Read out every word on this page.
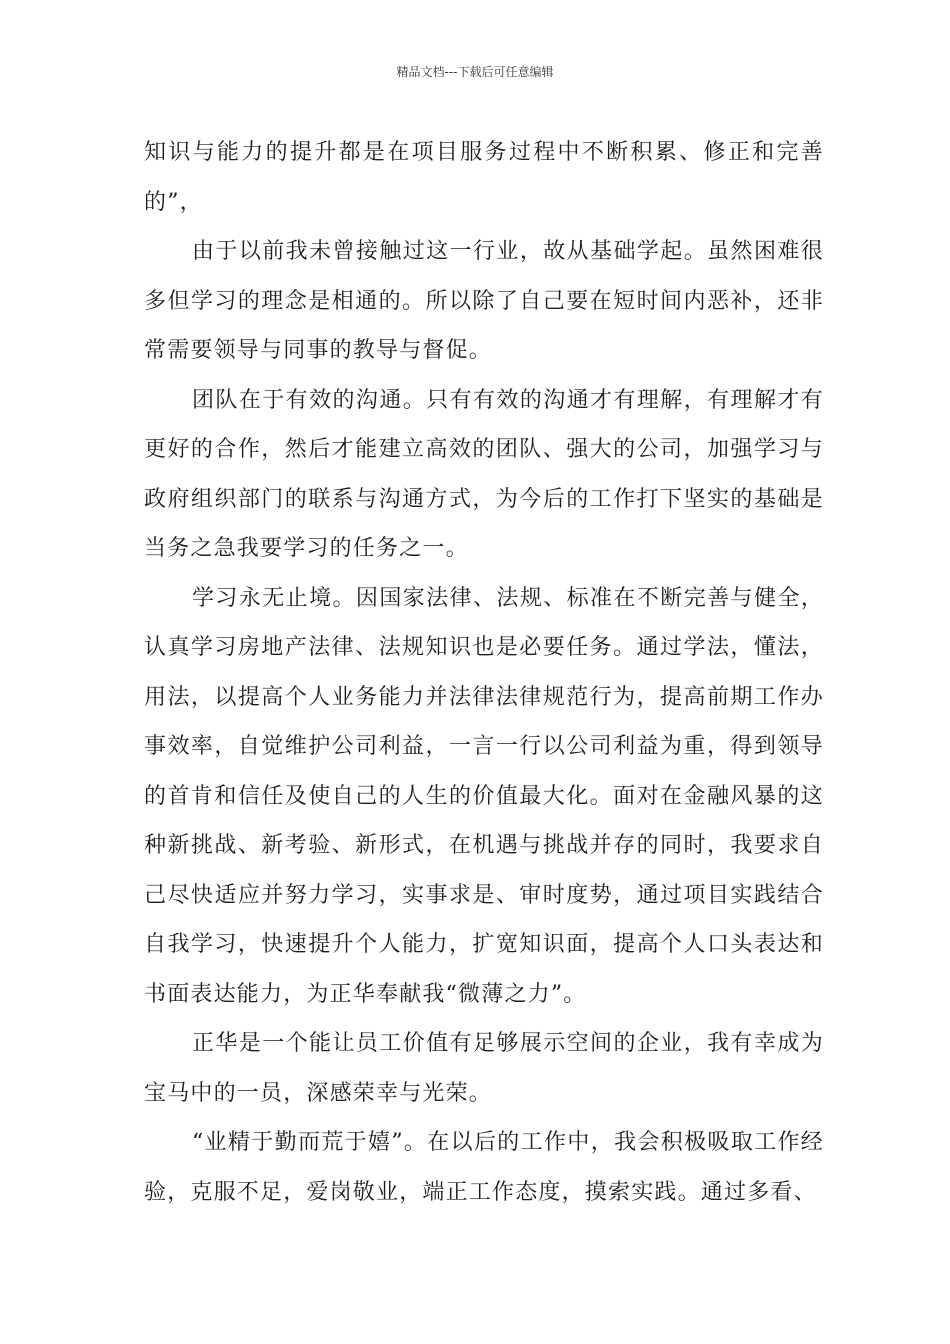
精品文档---下载后可任意编辑

知识与能力的提升都是在项目服务过程中不断积累、修正和完善的”，

由于以前我未曾接触过这一行业，故从基础学起。虽然困难很多但学习的理念是相通的。所以除了自己要在短时间内恶补，还非常需要领导与同事的教导与督促。

团队在于有效的沟通。只有有效的沟通才有理解，有理解才有更好的合作，然后才能建立高效的团队、强大的公司，加强学习与政府组织部门的联系与沟通方式，为今后的工作打下坚实的基础是当务之急我要学习的任务之一。

学习永无止境。因国家法律、法规、标准在不断完善与健全，认真学习房地产法律、法规知识也是必要任务。通过学法，懂法，用法，以提高个人业务能力并法律法律规范行为，提高前期工作办事效率，自觉维护公司利益，一言一行以公司利益为重，得到领导的首肯和信任及使自己的人生的价值最大化。面对在金融风暴的这种新挑战、新考验、新形式，在机遇与挑战并存的同时，我要求自己尽快适应并努力学习，实事求是、审时度势，通过项目实践结合自我学习，快速提升个人能力，扩宽知识面，提高个人口头表达和书面表达能力，为正华奉献我“微薄之力”。

正华是一个能让员工价值有足够展示空间的企业，我有幸成为宝马中的一员，深感荣幸与光荣。

“业精于勤而荒于嬉”。在以后的工作中，我会积极吸取工作经验，克服不足，爱岗敬业，端正工作态度，摸索实践。通过多看、
